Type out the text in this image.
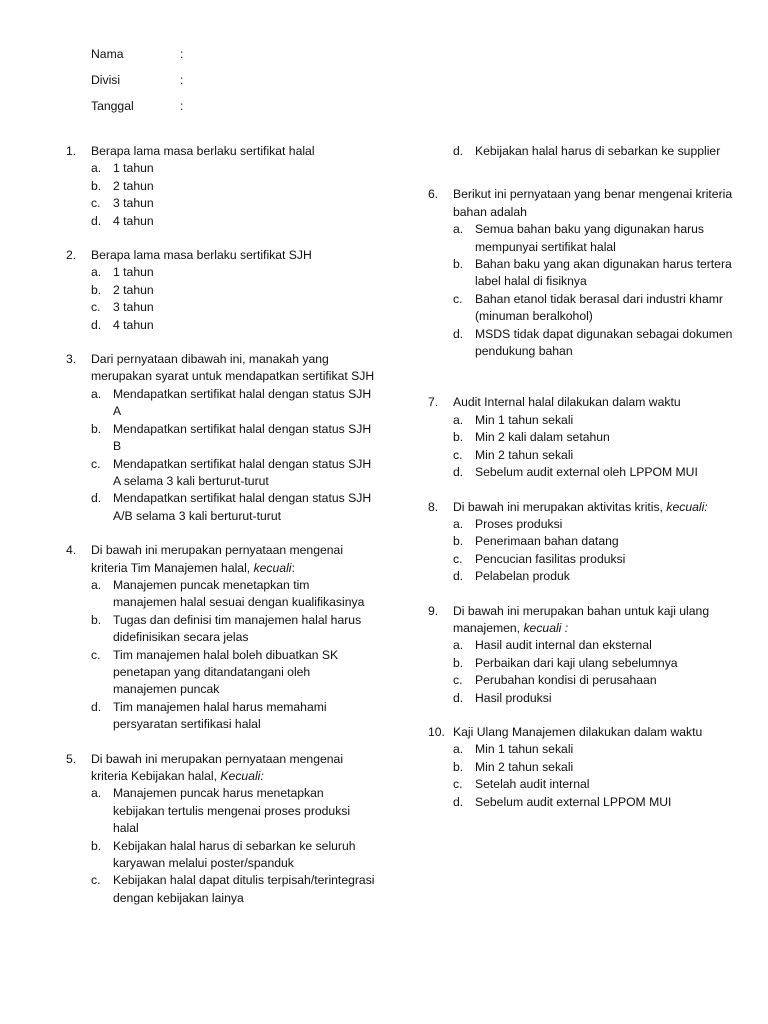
Nama	:
Divisi	:
Tanggal	:
1. Berapa lama masa berlaku sertifikat halal
a. 1 tahun
b. 2 tahun
c. 3 tahun
d. 4 tahun
2. Berapa lama masa berlaku sertifikat SJH
a. 1 tahun
b. 2 tahun
c. 3 tahun
d. 4 tahun
3. Dari pernyataan dibawah ini, manakah yang merupakan syarat untuk mendapatkan sertifikat SJH
a. Mendapatkan sertifikat halal dengan status SJH A
b. Mendapatkan sertifikat halal dengan status SJH B
c. Mendapatkan sertifikat halal dengan status SJH A selama 3 kali berturut-turut
d. Mendapatkan sertifikat halal dengan status SJH A/B selama 3 kali berturut-turut
4. Di bawah ini merupakan pernyataan mengenai kriteria Tim Manajemen halal, kecuali:
a. Manajemen puncak menetapkan tim manajemen halal sesuai dengan kualifikasinya
b. Tugas dan definisi tim manajemen halal harus didefinisikan secara jelas
c. Tim manajemen halal boleh dibuatkan SK penetapan yang ditandatangani oleh manajemen puncak
d. Tim manajemen halal harus memahami persyaratan sertifikasi halal
5. Di bawah ini merupakan pernyataan mengenai kriteria Kebijakan halal, Kecuali:
a. Manajemen puncak harus menetapkan kebijakan tertulis mengenai proses produksi halal
b. Kebijakan halal harus di sebarkan ke seluruh karyawan melalui poster/spanduk
c. Kebijakan halal dapat ditulis terpisah/terintegrasi dengan kebijakan lainya
d. Kebijakan halal harus di sebarkan ke supplier
6. Berikut ini pernyataan yang benar mengenai kriteria bahan adalah
a. Semua bahan baku yang digunakan harus mempunyai sertifikat halal
b. Bahan baku yang akan digunakan harus tertera label halal di fisiknya
c. Bahan etanol tidak berasal dari industri khamr (minuman beralkohol)
d. MSDS tidak dapat digunakan sebagai dokumen pendukung bahan
7. Audit Internal halal dilakukan dalam waktu
a. Min 1 tahun sekali
b. Min 2 kali dalam setahun
c. Min 2 tahun sekali
d. Sebelum audit external oleh LPPOM MUI
8. Di bawah ini merupakan aktivitas kritis, kecuali:
a. Proses produksi
b. Penerimaan bahan datang
c. Pencucian fasilitas produksi
d. Pelabelan produk
9. Di bawah ini merupakan bahan untuk kaji ulang manajemen, kecuali :
a. Hasil audit internal dan eksternal
b. Perbaikan dari kaji ulang sebelumnya
c. Perubahan kondisi di perusahaan
d. Hasil produksi
10. Kaji Ulang Manajemen dilakukan dalam waktu
a. Min 1 tahun sekali
b. Min 2 tahun sekali
c. Setelah audit internal
d. Sebelum audit external LPPOM MUI
